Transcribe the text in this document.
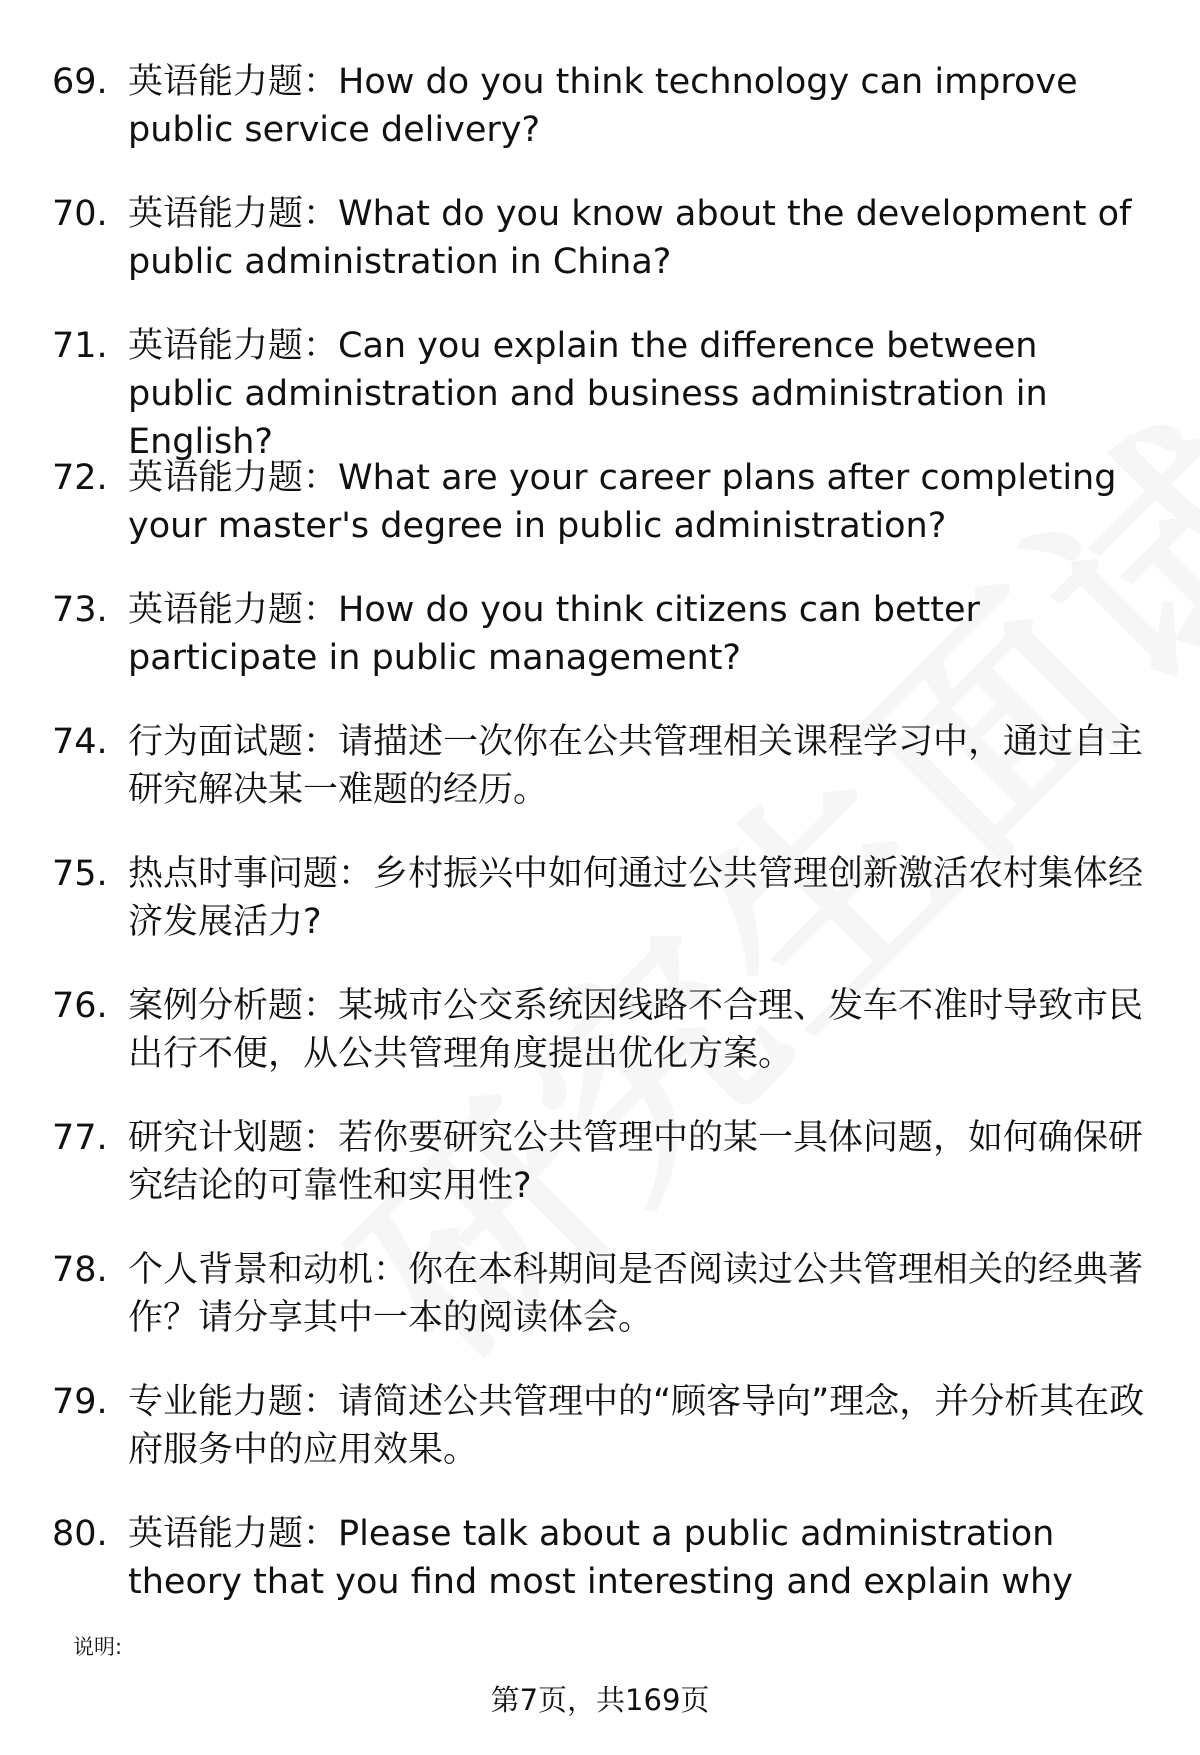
69. 英语能力题：How do you think technology can improve public service delivery?
70. 英语能力题：What do you know about the development of public administration in China?
71. 英语能力题：Can you explain the difference between public administration and business administration in English?
72. 英语能力题：What are your career plans after completing your master's degree in public administration?
73. 英语能力题：How do you think citizens can better participate in public management?
74. 行为面试题：请描述一次你在公共管理相关课程学习中，通过自主研究解决某一难题的经历。
75. 热点时事问题：乡村振兴中如何通过公共管理创新激活农村集体经济发展活力?
76. 案例分析题：某城市公交系统因线路不合理、发车不准时导致市民出行不便，从公共管理角度提出优化方案。
77. 研究计划题：若你要研究公共管理中的某一具体问题，如何确保研究结论的可靠性和实用性?
78. 个人背景和动机：你在本科期间是否阅读过公共管理相关的经典著作？请分享其中一本的阅读体会。
79. 专业能力题：请简述公共管理中的“顾客导向”理念，并分析其在政府服务中的应用效果。
80. 英语能力题：Please talk about a public administration theory that you find most interesting and explain why
说明:
第7页，共169页
